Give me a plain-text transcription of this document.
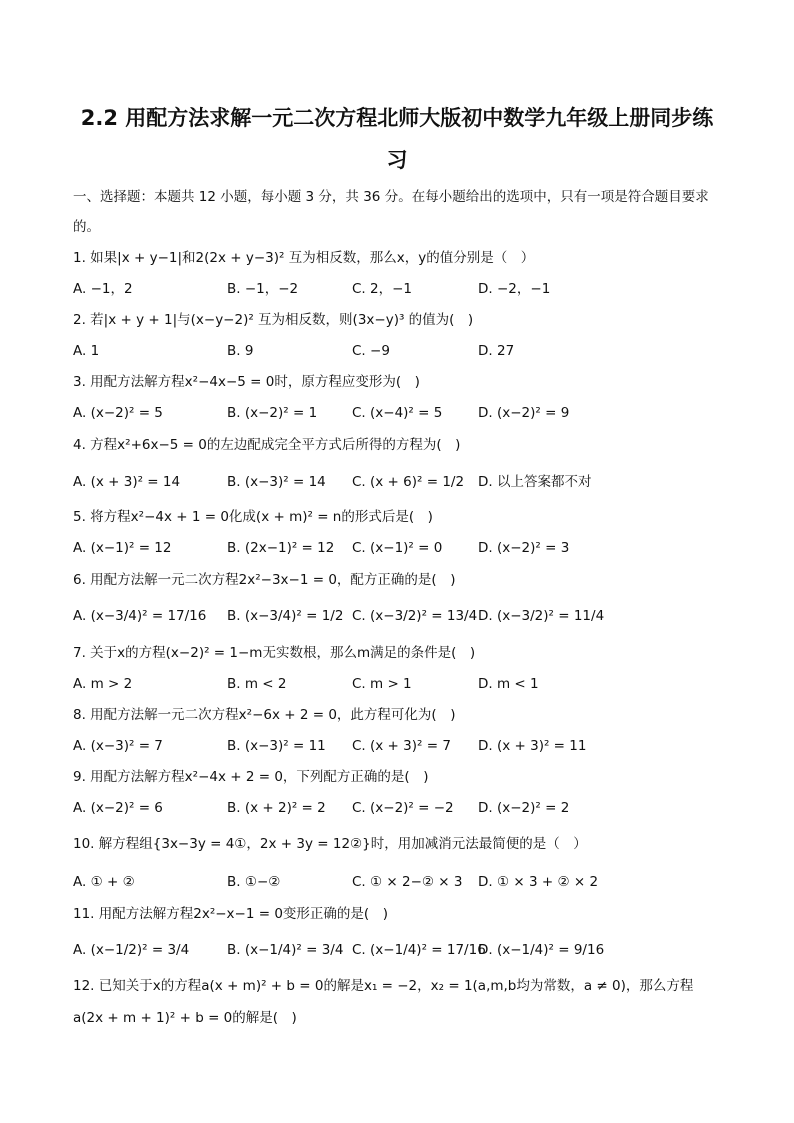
2.2 用配方法求解一元二次方程北师大版初中数学九年级上册同步练
习
一、选择题：本题共 12 小题，每小题 3 分，共 36 分。在每小题给出的选项中，只有一项是符合题目要求
的。
1. 如果|x + y−1|和2(2x + y−3)² 互为相反数，那么x，y的值分别是（　）
A. −1，2	B. −1，−2	C. 2，−1	D. −2，−1
2. 若|x + y + 1|与(x−y−2)² 互为相反数，则(3x−y)³ 的值为(　)
A. 1	B. 9	C. −9	D. 27
3. 用配方法解方程x²−4x−5 = 0时，原方程应变形为(　)
A. (x−2)² = 5	B. (x−2)² = 1	C. (x−4)² = 5	D. (x−2)² = 9
4. 方程x²+6x−5 = 0的左边配成完全平方式后所得的方程为(　)
A. (x + 3)² = 14	B. (x−3)² = 14 C. (x + 6)² = 1/2 D. 以上答案都不对
5. 将方程x²−4x + 1 = 0化成(x + m)² = n的形式后是(　)
A. (x−1)² = 12	B. (2x−1)² = 12 C. (x−1)² = 0	D. (x−2)² = 3
6. 用配方法解一元二次方程2x²−3x−1 = 0，配方正确的是(　)
A. (x−3/4)² = 17/16 B. (x−3/4)² = 1/2 C. (x−3/2)² = 13/4 D. (x−3/2)² = 11/4
7. 关于x的方程(x−2)² = 1−m无实数根，那么m满足的条件是(　)
A. m > 2	B. m < 2	C. m > 1	D. m < 1
8. 用配方法解一元二次方程x²−6x + 2 = 0，此方程可化为(　)
A. (x−3)² = 7	B. (x−3)² = 11 C. (x + 3)² = 7 D. (x + 3)² = 11
9. 用配方法解方程x²−4x + 2 = 0，下列配方正确的是(　)
A. (x−2)² = 6	B. (x + 2)² = 2 C. (x−2)² = −2 D. (x−2)² = 2
10. 解方程组{3x−3y = 4①，2x + 3y = 12②}时，用加减消元法最简便的是（　）
A. ① + ②	B. ①−②	C. ① × 2−② × 3 D. ① × 3 + ② × 2
11. 用配方法解方程2x²−x−1 = 0变形正确的是(　)
A. (x−1/2)² = 3/4	B. (x−1/4)² = 3/4 C. (x−1/4)² = 17/16
D. (x−1/4)² = 9/16
12. 已知关于x的方程a(x + m)² + b = 0的解是x₁ = −2，x₂ = 1(a,m,b均为常数，a ≠ 0)，那么方程
a(2x + m + 1)² + b = 0的解是(　)
